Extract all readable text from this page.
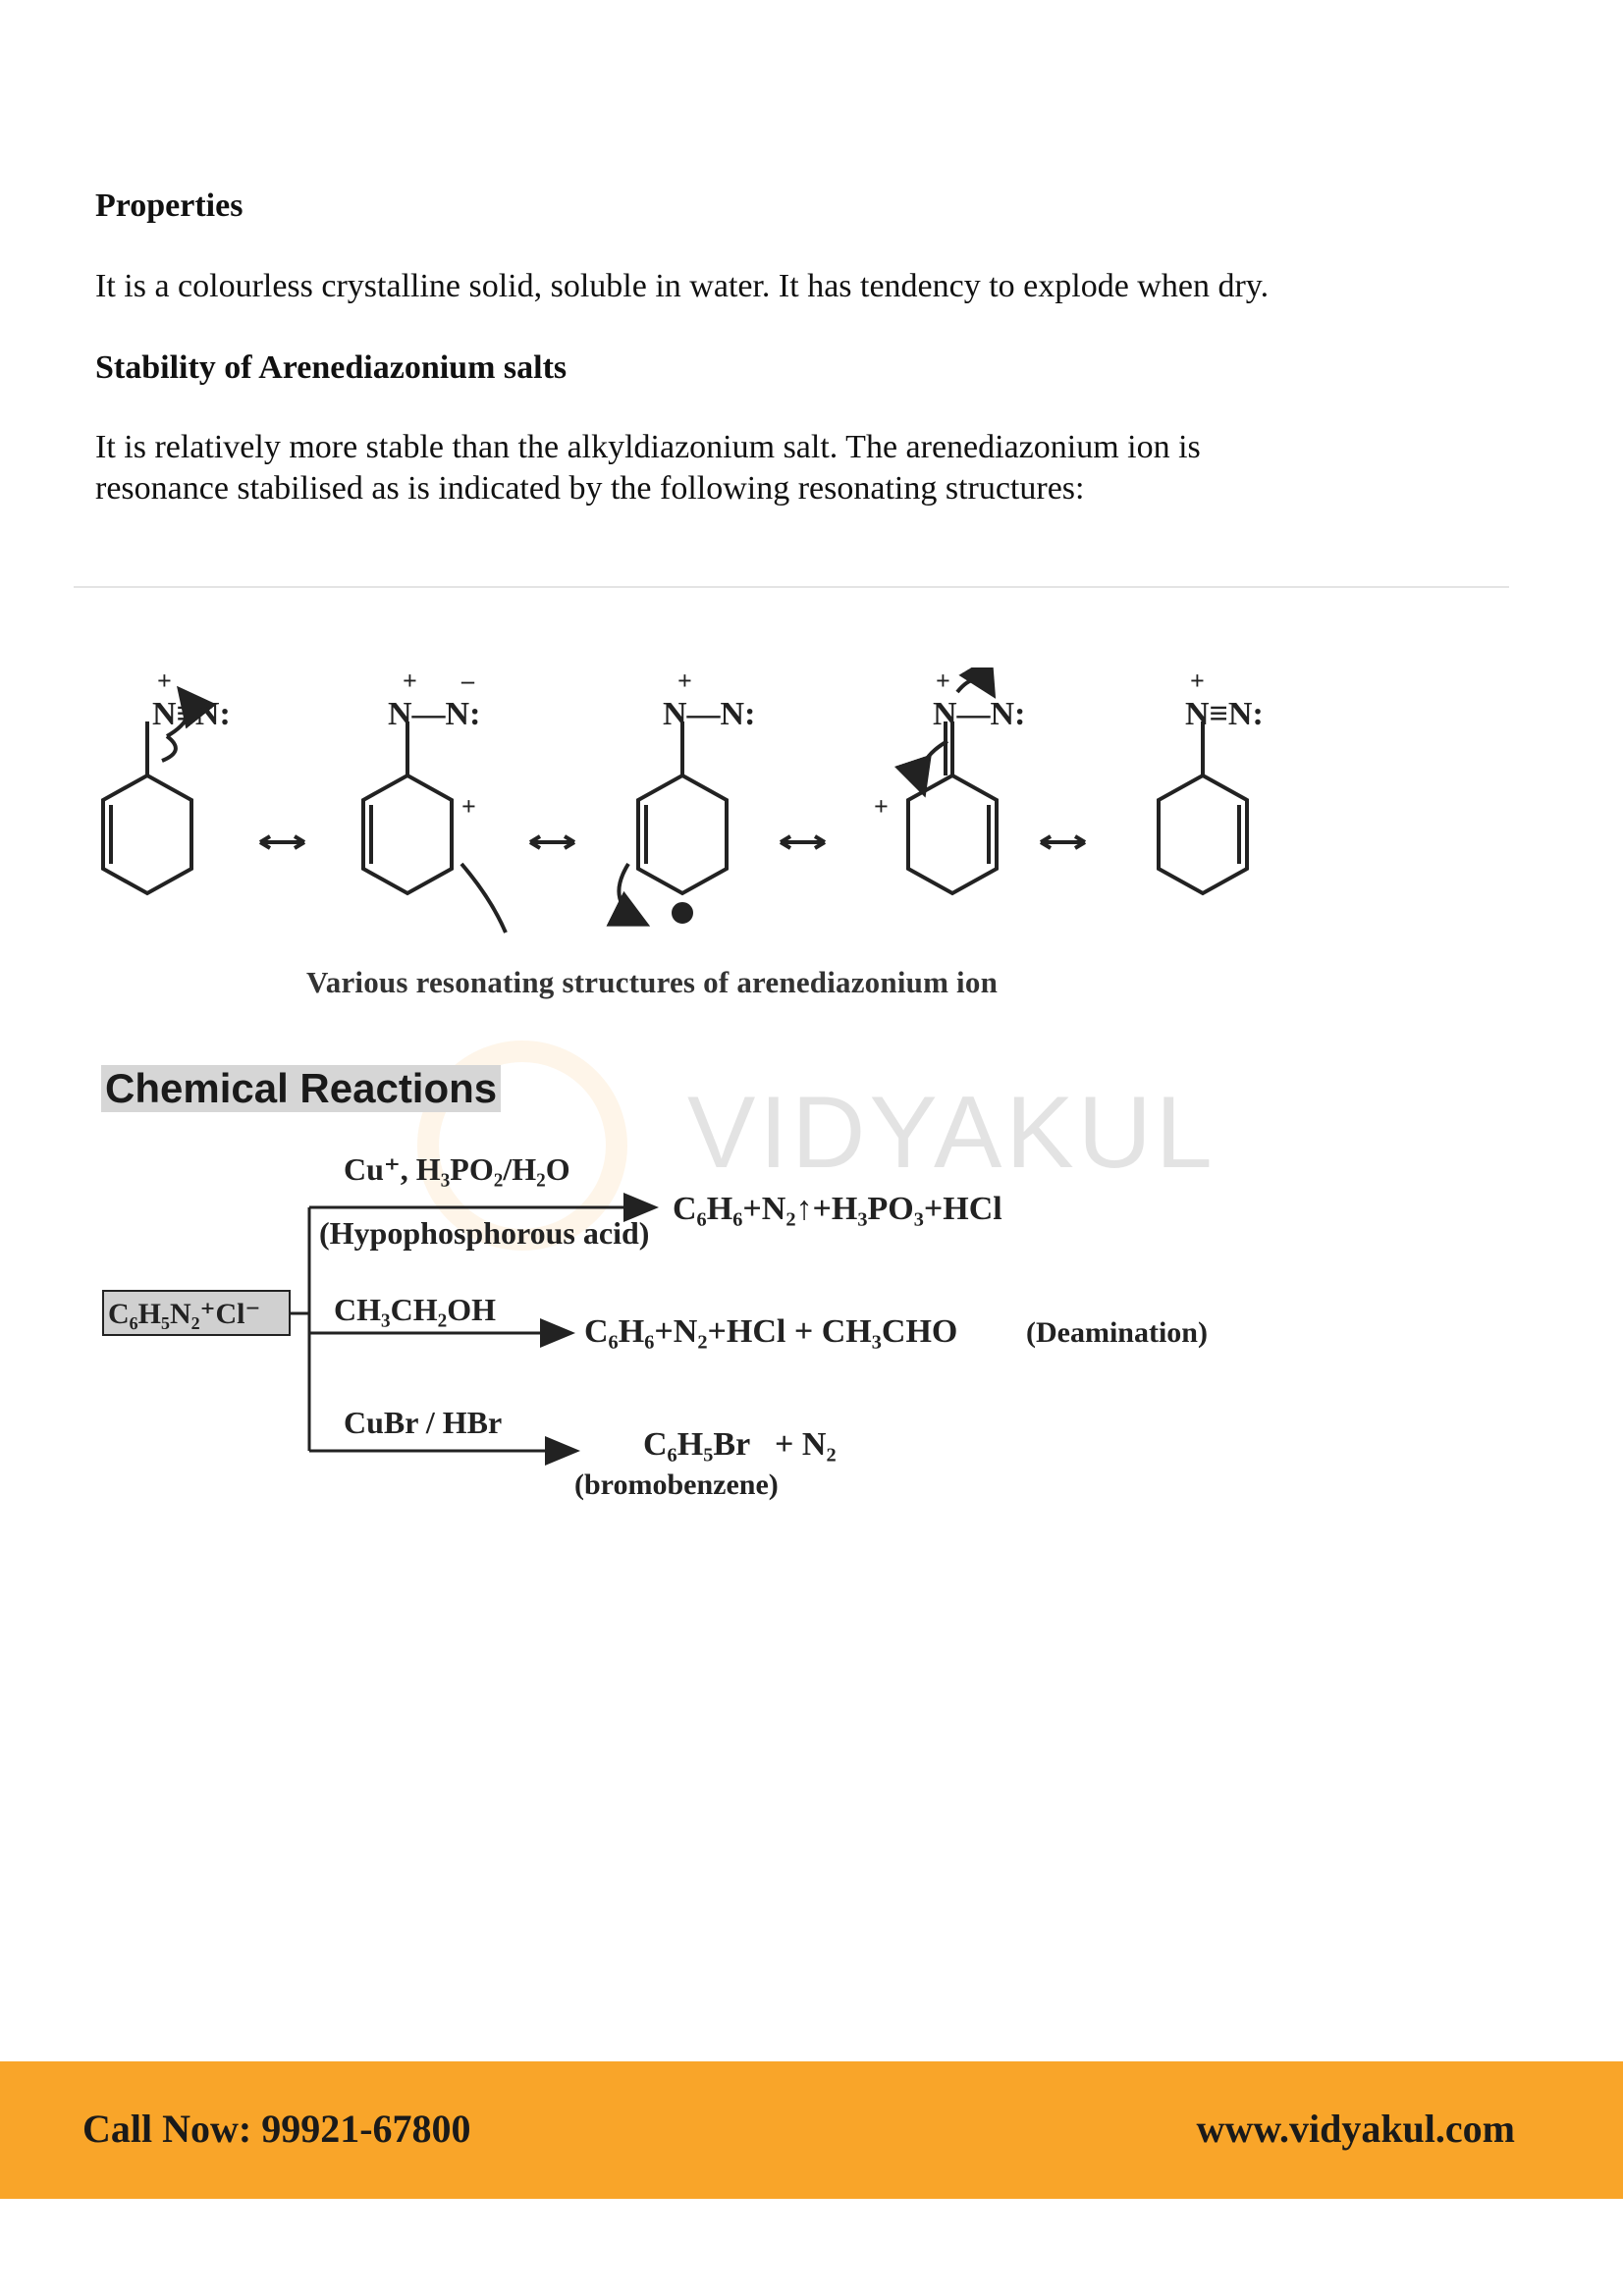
Properties
It is a colourless crystalline solid, soluble in water. It has tendency to explode when dry.
Stability of Arenediazonium salts
It is relatively more stable than the alkyldiazonium salt. The arenediazonium ion is
resonance stabilised as is indicated by the following resonating structures:
N≡N:
+
N—N:
+ –
+
N—N:
+
N—N:
+
+
N≡N:
+
Various resonating structures of arenediazonium ion
VIDYAKUL
Chemical Reactions
C₆H₅N₂⁺Cl⁻
Cu⁺, H₃PO₂/H₂O
(Hypophosphorous acid)
C₆H₆+N₂↑+H₃PO₃+HCl
CH₃CH₂OH
C₆H₆+N₂+HCl + CH₃CHO (Deamination)
CuBr / HBr
C₆H₅Br   + N₂
(bromobenzene)
Call Now: 99921-67800	www.vidyakul.com
